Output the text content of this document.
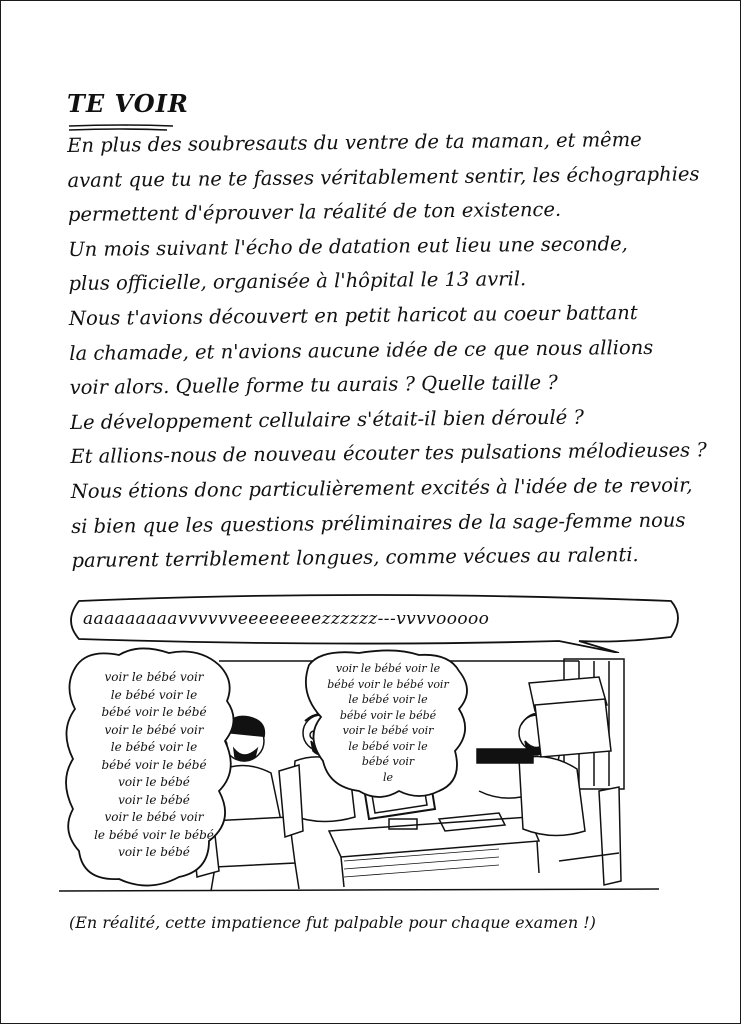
TE VOIR
En plus des soubresauts du ventre de ta maman, et même
avant que tu ne te fasses véritablement sentir, les échographies
permettent d'éprouver la réalité de ton existence.
Un mois suivant l'écho de datation eut lieu une seconde,
plus officielle, organisée à l'hôpital le 13 avril.
Nous t'avions découvert en petit haricot au coeur battant
la chamade, et n'avions aucune idée de ce que nous allions
voir alors. Quelle forme tu aurais ? Quelle taille ?
Le développement cellulaire s'était-il bien déroulé ?
Et allions-nous de nouveau écouter tes pulsations mélodieuses ?
Nous étions donc particulièrement excités à l'idée de te revoir,
si bien que les questions préliminaires de la sage-femme nous
parurent terriblement longues, comme vécues au ralenti.
aaaaaaaaavvvvvveeeeeeeezzzzzz---vvvvooooo
voir le bébé voir
le bébé voir le
bébé voir le bébé
voir le bébé voir
le bébé voir le
bébé voir le bébé
voir le bébé
voir le bébé
voir le bébé voir
le bébé voir le bébé
voir le bébé
voir le bébé voir le
bébé voir le bébé voir
le bébé voir le
bébé voir le bébé
voir le bébé voir
le bébé voir le
bébé voir
le
(En réalité, cette impatience fut palpable pour chaque examen !)
